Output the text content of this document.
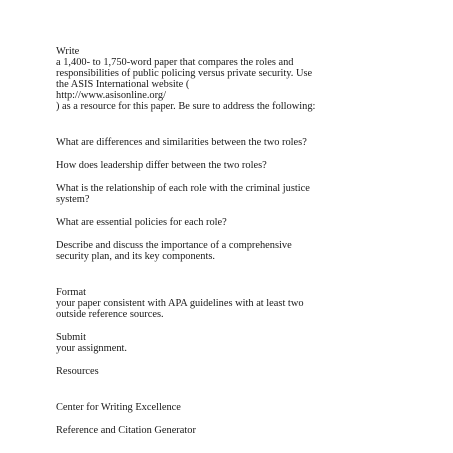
Write
a 1,400- to 1,750-word paper that compares the roles and
responsibilities of public policing versus private security. Use
the ASIS International website (
http://www.asisonline.org/
) as a resource for this paper. Be sure to address the following:
What are differences and similarities between the two roles?
How does leadership differ between the two roles?
What is the relationship of each role with the criminal justice
system?
What are essential policies for each role?
Describe and discuss the importance of a comprehensive
security plan, and its key components.
Format
your paper consistent with APA guidelines with at least two
outside reference sources.
Submit
your assignment.
Resources
Center for Writing Excellence
Reference and Citation Generator
